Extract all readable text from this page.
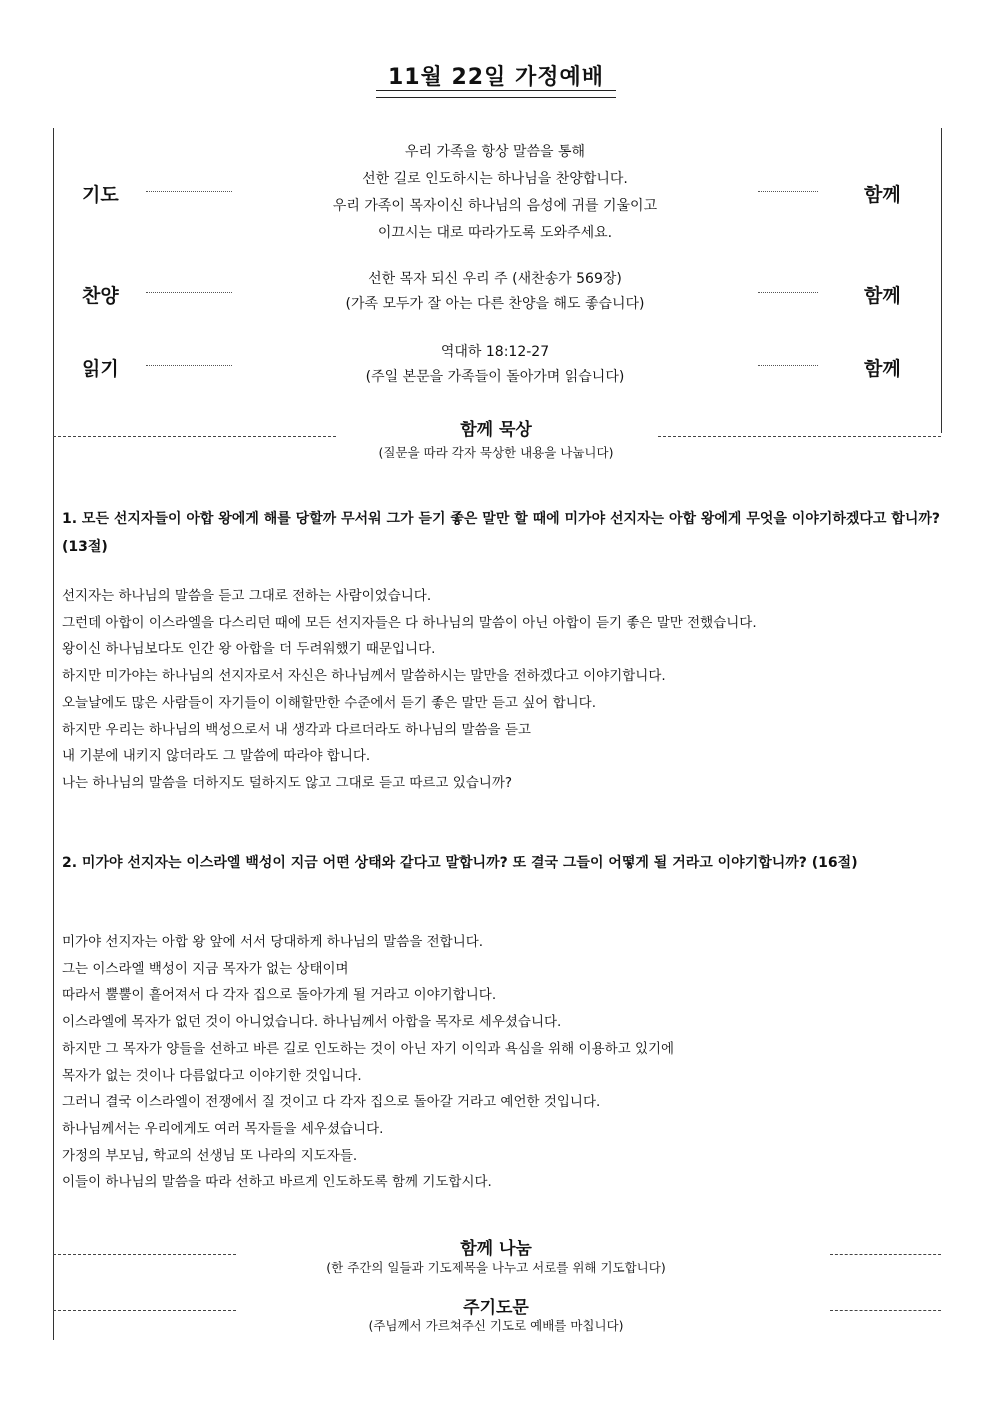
11월 22일 가정예배
기도
우리 가족을 항상 말씀을 통해
선한 길로 인도하시는 하나님을 찬양합니다.
우리 가족이 목자이신 하나님의 음성에 귀를 기울이고
이끄시는 대로 따라가도록 도와주세요.
함께
찬양
선한 목자 되신 우리 주 (새찬송가 569장)
(가족 모두가 잘 아는 다른 찬양을 해도 좋습니다)	함께
읽기
역대하 18:12-27
(주일 본문을 가족들이 돌아가며 읽습니다)	함께
함께 묵상
(질문을 따라 각자 묵상한 내용을 나눕니다)
1. 모든 선지자들이 아합 왕에게 해를 당할까 무서워 그가 듣기 좋은 말만 할 때에 미가야 선지자는 아합 왕에게 무엇을 이야기하겠다고 합니까? (13절)
선지자는 하나님의 말씀을 듣고 그대로 전하는 사람이었습니다.
그런데 아합이 이스라엘을 다스리던 때에 모든 선지자들은 다 하나님의 말씀이 아닌 아합이 듣기 좋은 말만 전했습니다.
왕이신 하나님보다도 인간 왕 아합을 더 두려워했기 때문입니다.
하지만 미가야는 하나님의 선지자로서 자신은 하나님께서 말씀하시는 말만을 전하겠다고 이야기합니다.
오늘날에도 많은 사람들이 자기들이 이해할만한 수준에서 듣기 좋은 말만 듣고 싶어 합니다.
하지만 우리는 하나님의 백성으로서 내 생각과 다르더라도 하나님의 말씀을 듣고
내 기분에 내키지 않더라도 그 말씀에 따라야 합니다.
나는 하나님의 말씀을 더하지도 덜하지도 않고 그대로 듣고 따르고 있습니까?
2. 미가야 선지자는 이스라엘 백성이 지금 어떤 상태와 같다고 말합니까? 또 결국 그들이 어떻게 될 거라고 이야기합니까? (16절)
미가야 선지자는 아합 왕 앞에 서서 당대하게 하나님의 말씀을 전합니다.
그는 이스라엘 백성이 지금 목자가 없는 상태이며
따라서 뿔뿔이 흩어져서 다 각자 집으로 돌아가게 될 거라고 이야기합니다.
이스라엘에 목자가 없던 것이 아니었습니다. 하나님께서 아합을 목자로 세우셨습니다.
하지만 그 목자가 양들을 선하고 바른 길로 인도하는 것이 아닌 자기 이익과 욕심을 위해 이용하고 있기에
목자가 없는 것이나 다름없다고 이야기한 것입니다.
그러니 결국 이스라엘이 전쟁에서 질 것이고 다 각자 집으로 돌아갈 거라고 예언한 것입니다.
하나님께서는 우리에게도 여러 목자들을 세우셨습니다.
가정의 부모님, 학교의 선생님 또 나라의 지도자들.
이들이 하나님의 말씀을 따라 선하고 바르게 인도하도록 함께 기도합시다.
함께 나눔
(한 주간의 일들과 기도제목을 나누고 서로를 위해 기도합니다)
주기도문
(주님께서 가르쳐주신 기도로 예배를 마칩니다)
